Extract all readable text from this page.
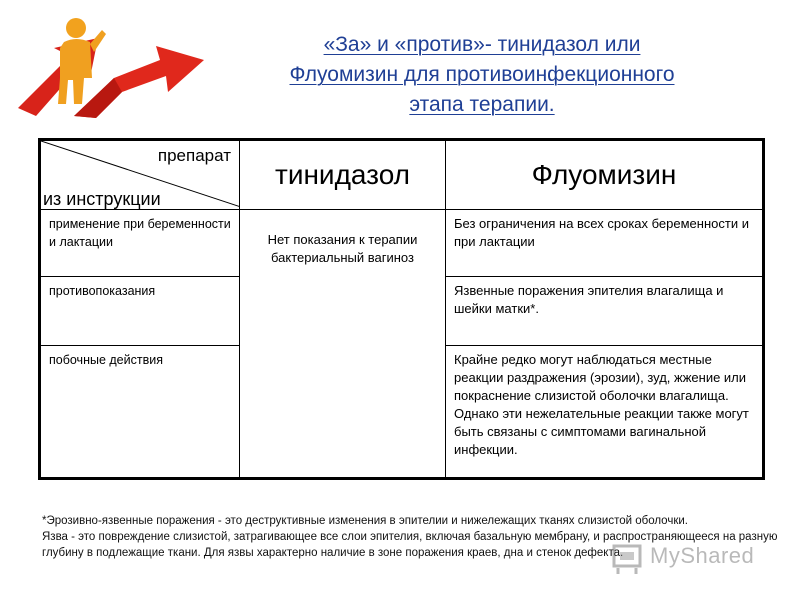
«За» и «против»- тинидазол или
Флуомизин для противоинфекционного
этапа терапии.
препарат
из инструкции	тинидазол	Флуомизин
применение при беременности и лактации	Нет показания к терапии бактериальный вагиноз	Без ограничения на всех сроках беременности и при лактации
противопоказания		Язвенные поражения эпителия влагалища и шейки матки*.
побочные действия		Крайне редко могут наблюдаться местные реакции раздражения (эрозии), зуд, жжение или покраснение слизистой оболочки влагалища. Однако эти нежелательные реакции также могут быть связаны с симптомами вагинальной инфекции.

*Эрозивно-язвенные поражения - это деструктивные изменения в эпителии и нижележащих тканях слизистой оболочки.

Язва - это повреждение слизистой, затрагивающее все слои эпителия, включая базальную мембрану, и распространяющееся на разную глубину в подлежащие ткани. Для язвы характерно наличие в зоне поражения краев, дна и стенок дефекта.	MyShared
